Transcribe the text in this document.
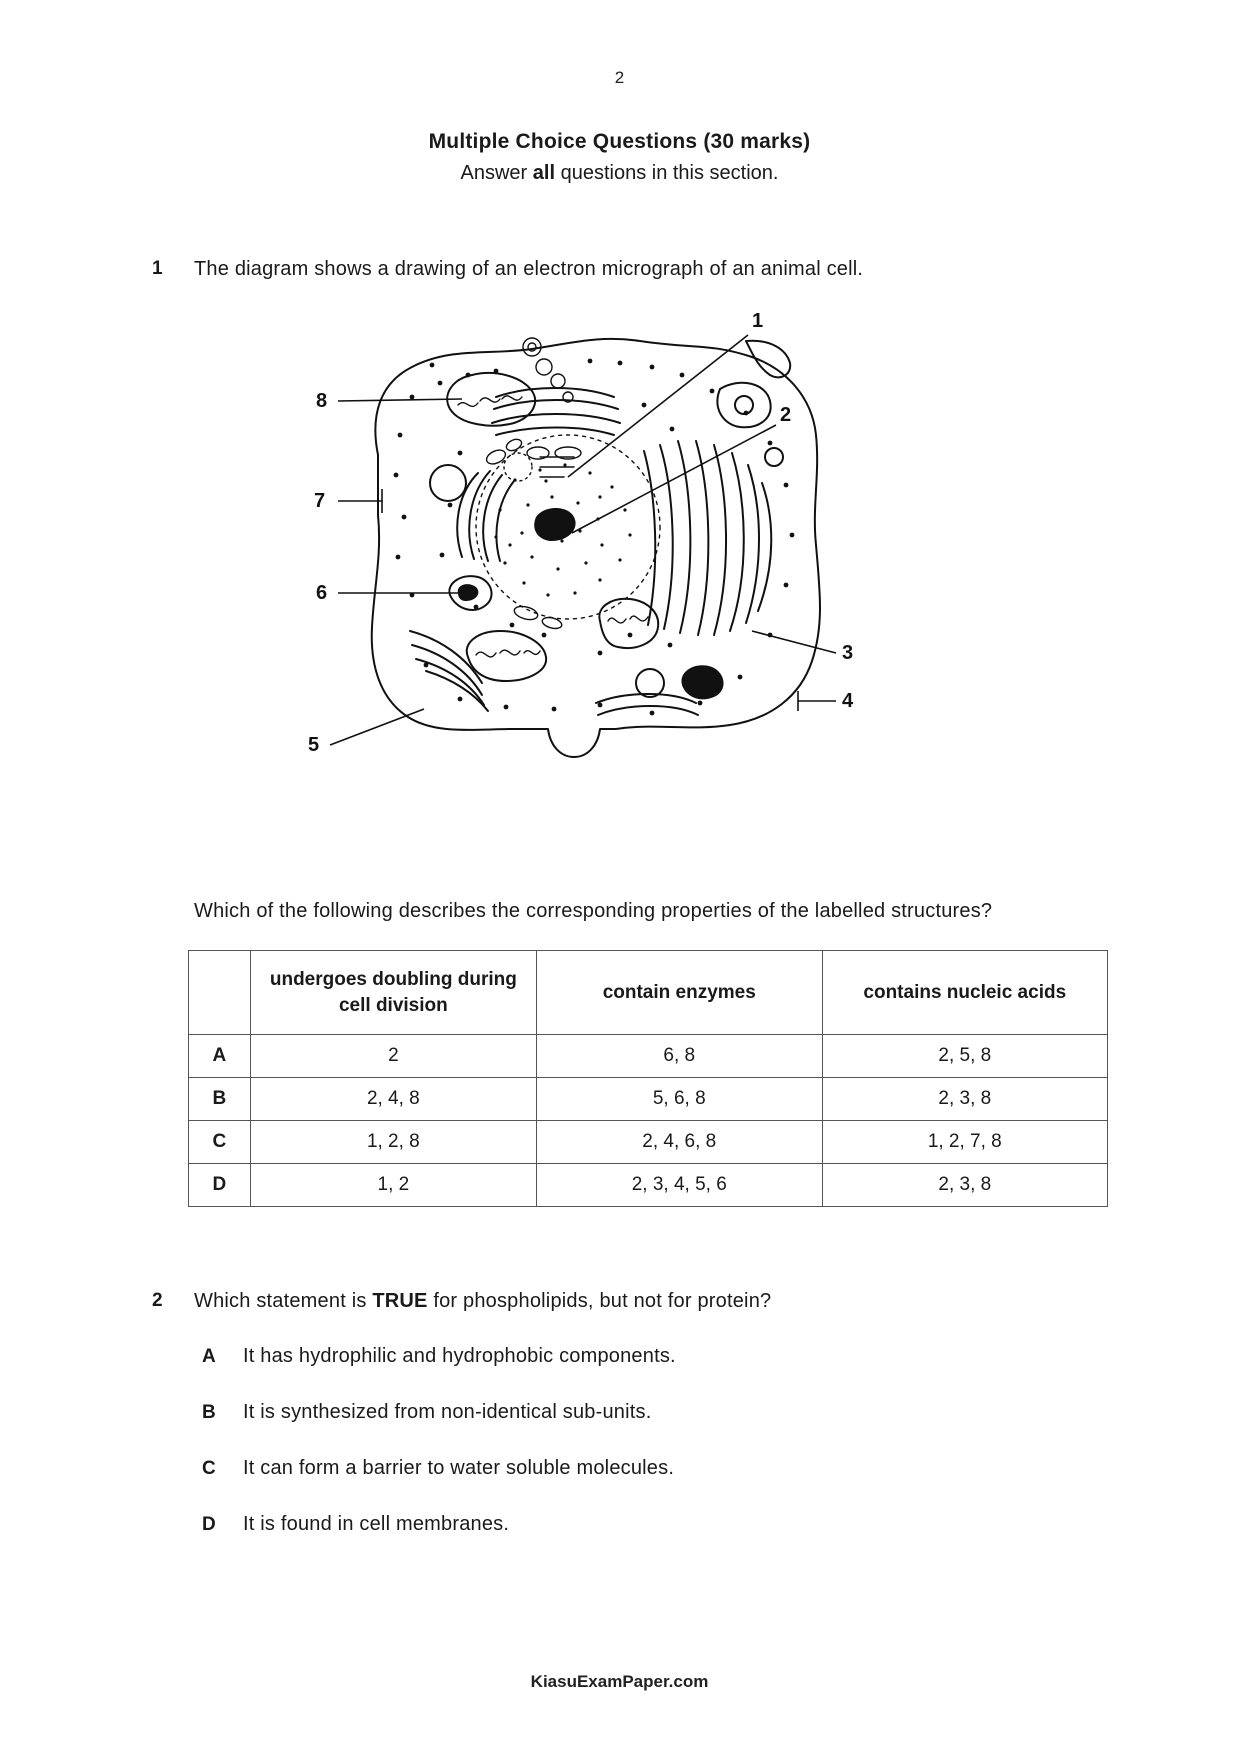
2
Multiple Choice Questions (30 marks)
Answer all questions in this section.
1 The diagram shows a drawing of an electron micrograph of an animal cell.
1
2
3
4
5
6
7
8
Which of the following describes the corresponding properties of the labelled structures?
	undergoes doubling during cell division	contain enzymes	contains nucleic acids
A	2	6, 8	2, 5, 8
B	2, 4, 8	5, 6, 8	2, 3, 8
C	1, 2, 8	2, 4, 6, 8	1, 2, 7, 8
D	1, 2	2, 3, 4, 5, 6	2, 3, 8
2 Which statement is TRUE for phospholipids, but not for protein?
A It has hydrophilic and hydrophobic components.
B It is synthesized from non-identical sub-units.
C It can form a barrier to water soluble molecules.
D It is found in cell membranes.
KiasuExamPaper.com
